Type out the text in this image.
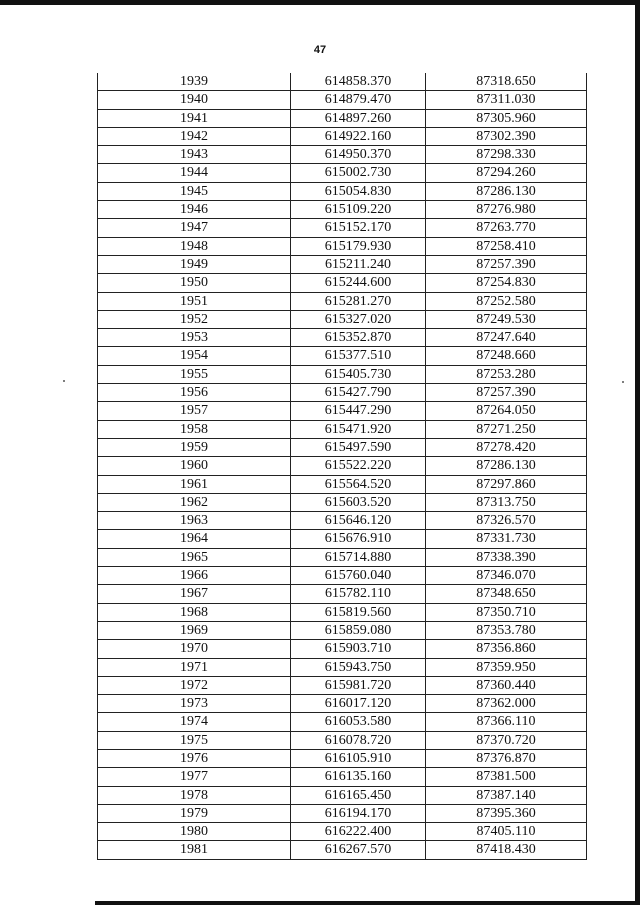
47
1939	614858.370	87318.650
1940	614879.470	87311.030
1941	614897.260	87305.960
1942	614922.160	87302.390
1943	614950.370	87298.330
1944	615002.730	87294.260
1945	615054.830	87286.130
1946	615109.220	87276.980
1947	615152.170	87263.770
1948	615179.930	87258.410
1949	615211.240	87257.390
1950	615244.600	87254.830
1951	615281.270	87252.580
1952	615327.020	87249.530
1953	615352.870	87247.640
1954	615377.510	87248.660
1955	615405.730	87253.280
1956	615427.790	87257.390
1957	615447.290	87264.050
1958	615471.920	87271.250
1959	615497.590	87278.420
1960	615522.220	87286.130
1961	615564.520	87297.860
1962	615603.520	87313.750
1963	615646.120	87326.570
1964	615676.910	87331.730
1965	615714.880	87338.390
1966	615760.040	87346.070
1967	615782.110	87348.650
1968	615819.560	87350.710
1969	615859.080	87353.780
1970	615903.710	87356.860
1971	615943.750	87359.950
1972	615981.720	87360.440
1973	616017.120	87362.000
1974	616053.580	87366.110
1975	616078.720	87370.720
1976	616105.910	87376.870
1977	616135.160	87381.500
1978	616165.450	87387.140
1979	616194.170	87395.360
1980	616222.400	87405.110
1981	616267.570	87418.430
